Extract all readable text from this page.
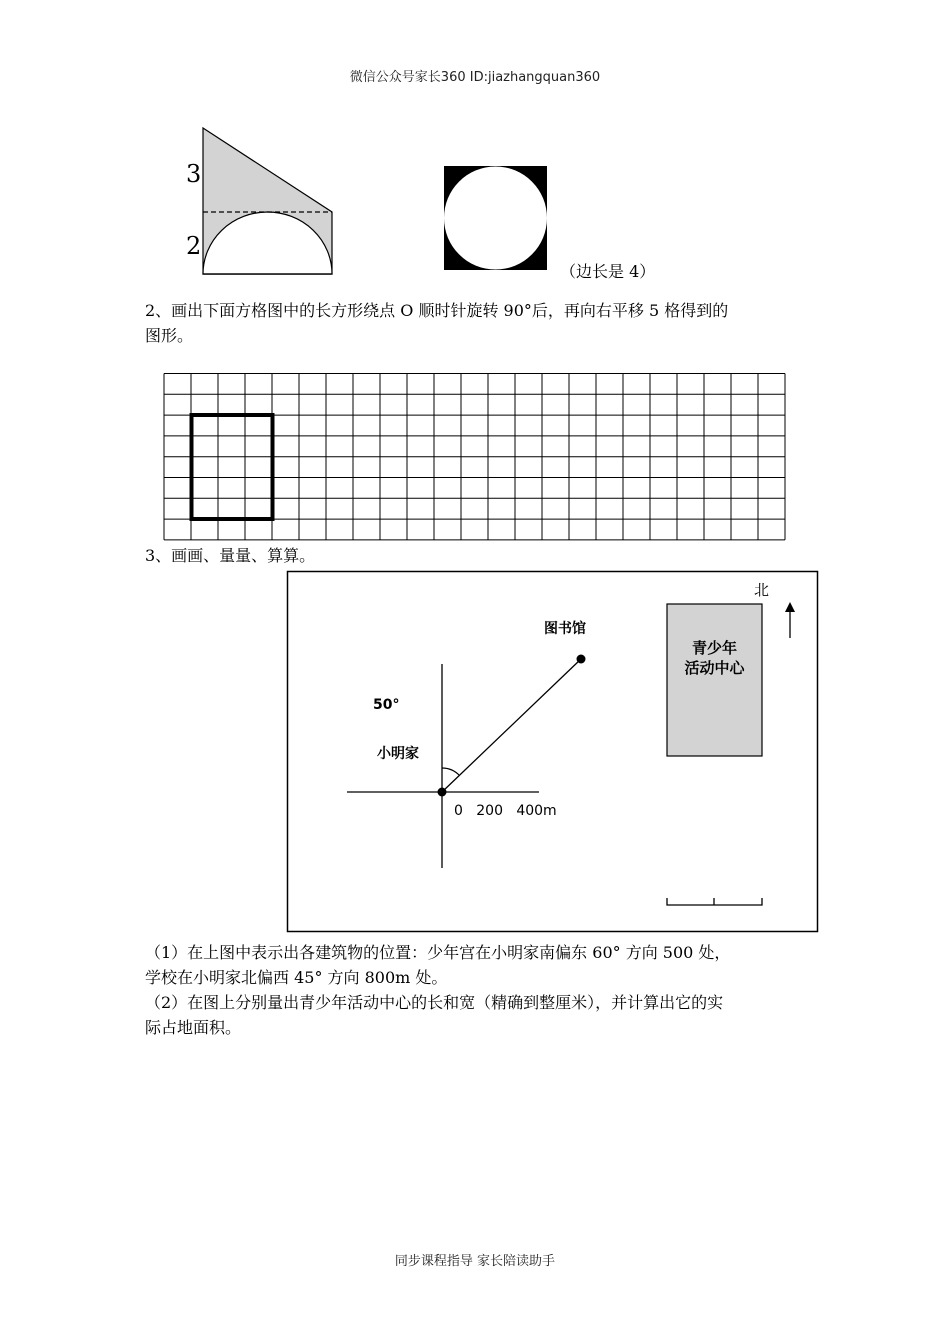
微信公众号家长360 ID:jiazhangquan360
3
2
（边长是 4）
2、画出下面方格图中的长方形绕点 O 顺时针旋转 90°后，再向右平移 5 格得到的
图形。
3、画画、量量、算算。
北
图书馆
青少年
活动中心
50°
小明家
0   200   400m
（1）在上图中表示出各建筑物的位置：少年宫在小明家南偏东 60° 方向 500 处，
学校在小明家北偏西 45° 方向 800m 处。
（2）在图上分别量出青少年活动中心的长和宽（精确到整厘米），并计算出它的实
际占地面积。
同步课程指导 家长陪读助手
